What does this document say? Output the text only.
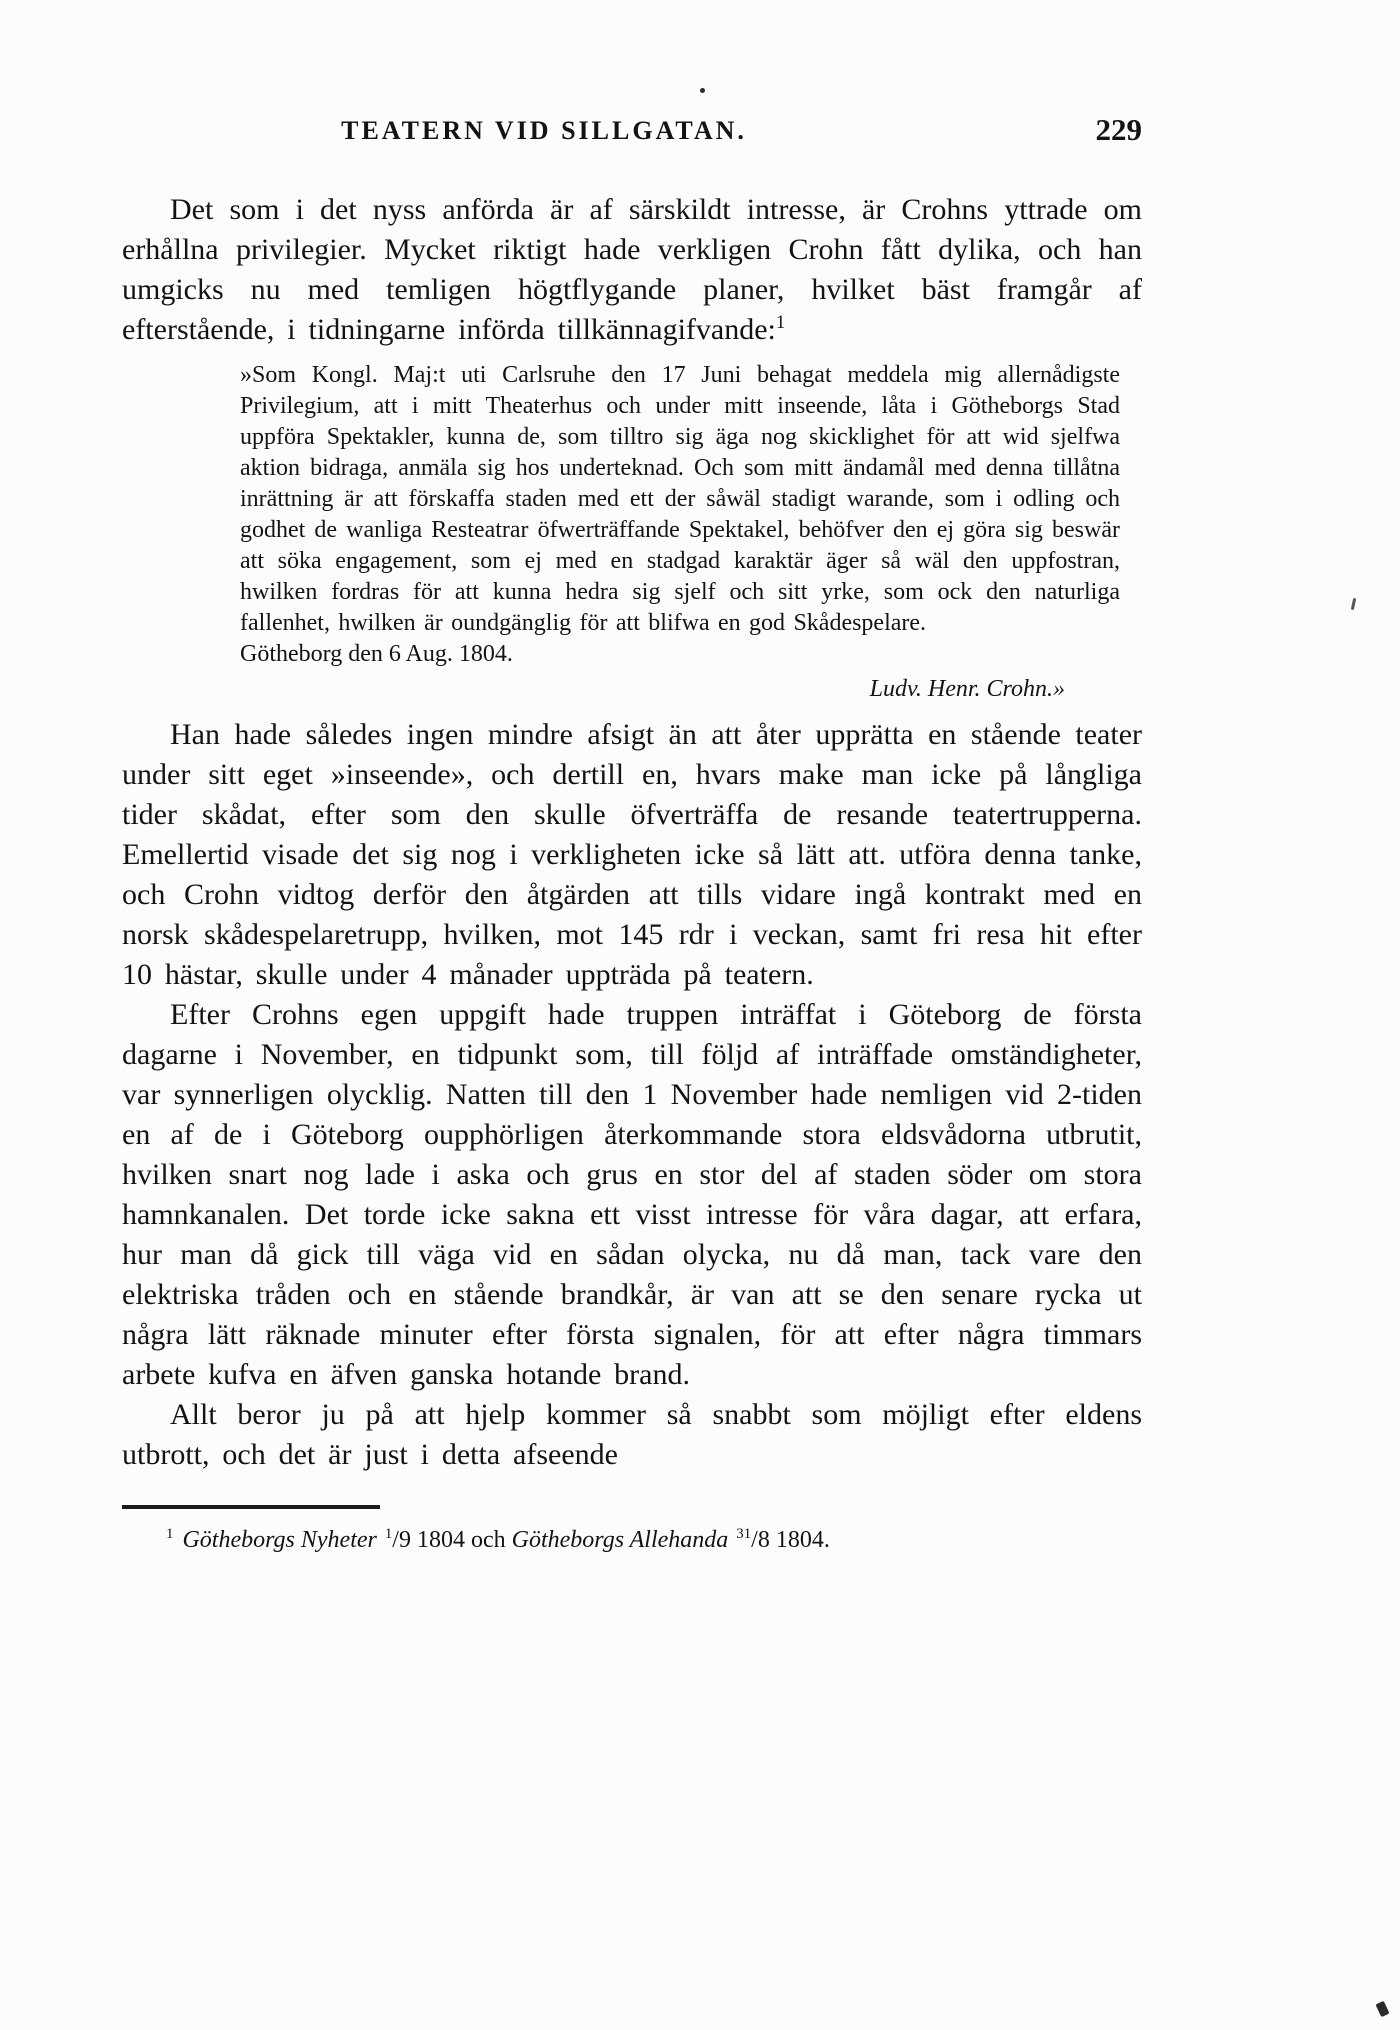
TEATERN VID SILLGATAN.	229

Det som i det nyss anförda är af särskildt intresse, är Crohns yttrade om erhållna privilegier. Mycket riktigt hade verkligen Crohn fått dylika, och han umgicks nu med temligen högtflygande planer, hvilket bäst framgår af efterstående, i tidningarne införda tillkännagifvande:$^1$

»Som Kongl. Maj:t uti Carlsruhe den 17 Juni behagat meddela mig allernådigste Privilegium, att i mitt Theaterhus och under mitt inseende, låta i Götheborgs Stad uppföra Spektakler, kunna de, som tilltro sig äga nog skicklighet för att wid sjelfwa aktion bidraga, anmäla sig hos underteknad. Och som mitt ändamål med denna tillåtna inrättning är att förskaffa staden med ett der såwäl stadigt warande, som i odling och godhet de wanliga Resteatrar öfwerträffande Spektakel, behöfver den ej göra sig beswär att söka engagement, som ej med en stadgad karaktär äger så wäl den uppfostran, hwilken fordras för att kunna hedra sig sjelf och sitt yrke, som ock den naturliga fallenhet, hwilken är oundgänglig för att blifwa en god Skådespelare.

Götheborg den 6 Aug. 1804.

Ludv. Henr. Crohn.»

Han hade således ingen mindre afsigt än att åter upprätta en stående teater under sitt eget »inseende», och dertill en, hvars make man icke på långliga tider skådat, efter som den skulle öfverträffa de resande teatertrupperna. Emellertid visade det sig nog i verkligheten icke så lätt att. utföra denna tanke, och Crohn vidtog derför den åtgärden att tills vidare ingå kontrakt med en norsk skådespelaretrupp, hvilken, mot 145 rdr i veckan, samt fri resa hit efter 10 hästar, skulle under 4 månader uppträda på teatern.

Efter Crohns egen uppgift hade truppen inträffat i Göteborg de första dagarne i November, en tidpunkt som, till följd af inträffade omständigheter, var synnerligen olycklig. Natten till den 1 November hade nemligen vid 2-tiden en af de i Göteborg oupphörligen återkommande stora eldsvådorna utbrutit, hvilken snart nog lade i aska och grus en stor del af staden söder om stora hamnkanalen. Det torde icke sakna ett visst intresse för våra dagar, att erfara, hur man då gick till väga vid en sådan olycka, nu då man, tack vare den elektriska tråden och en stående brandkår, är van att se den senare rycka ut några lätt räknade minuter efter första signalen, för att efter några timmars arbete kufva en äfven ganska hotande brand.

Allt beror ju på att hjelp kommer så snabbt som möjligt efter eldens utbrott, och det är just i detta afseende

$^1$ Götheborgs Nyheter $^1$/9 1804 och Götheborgs Allehanda $^{31}$/8 1804.
